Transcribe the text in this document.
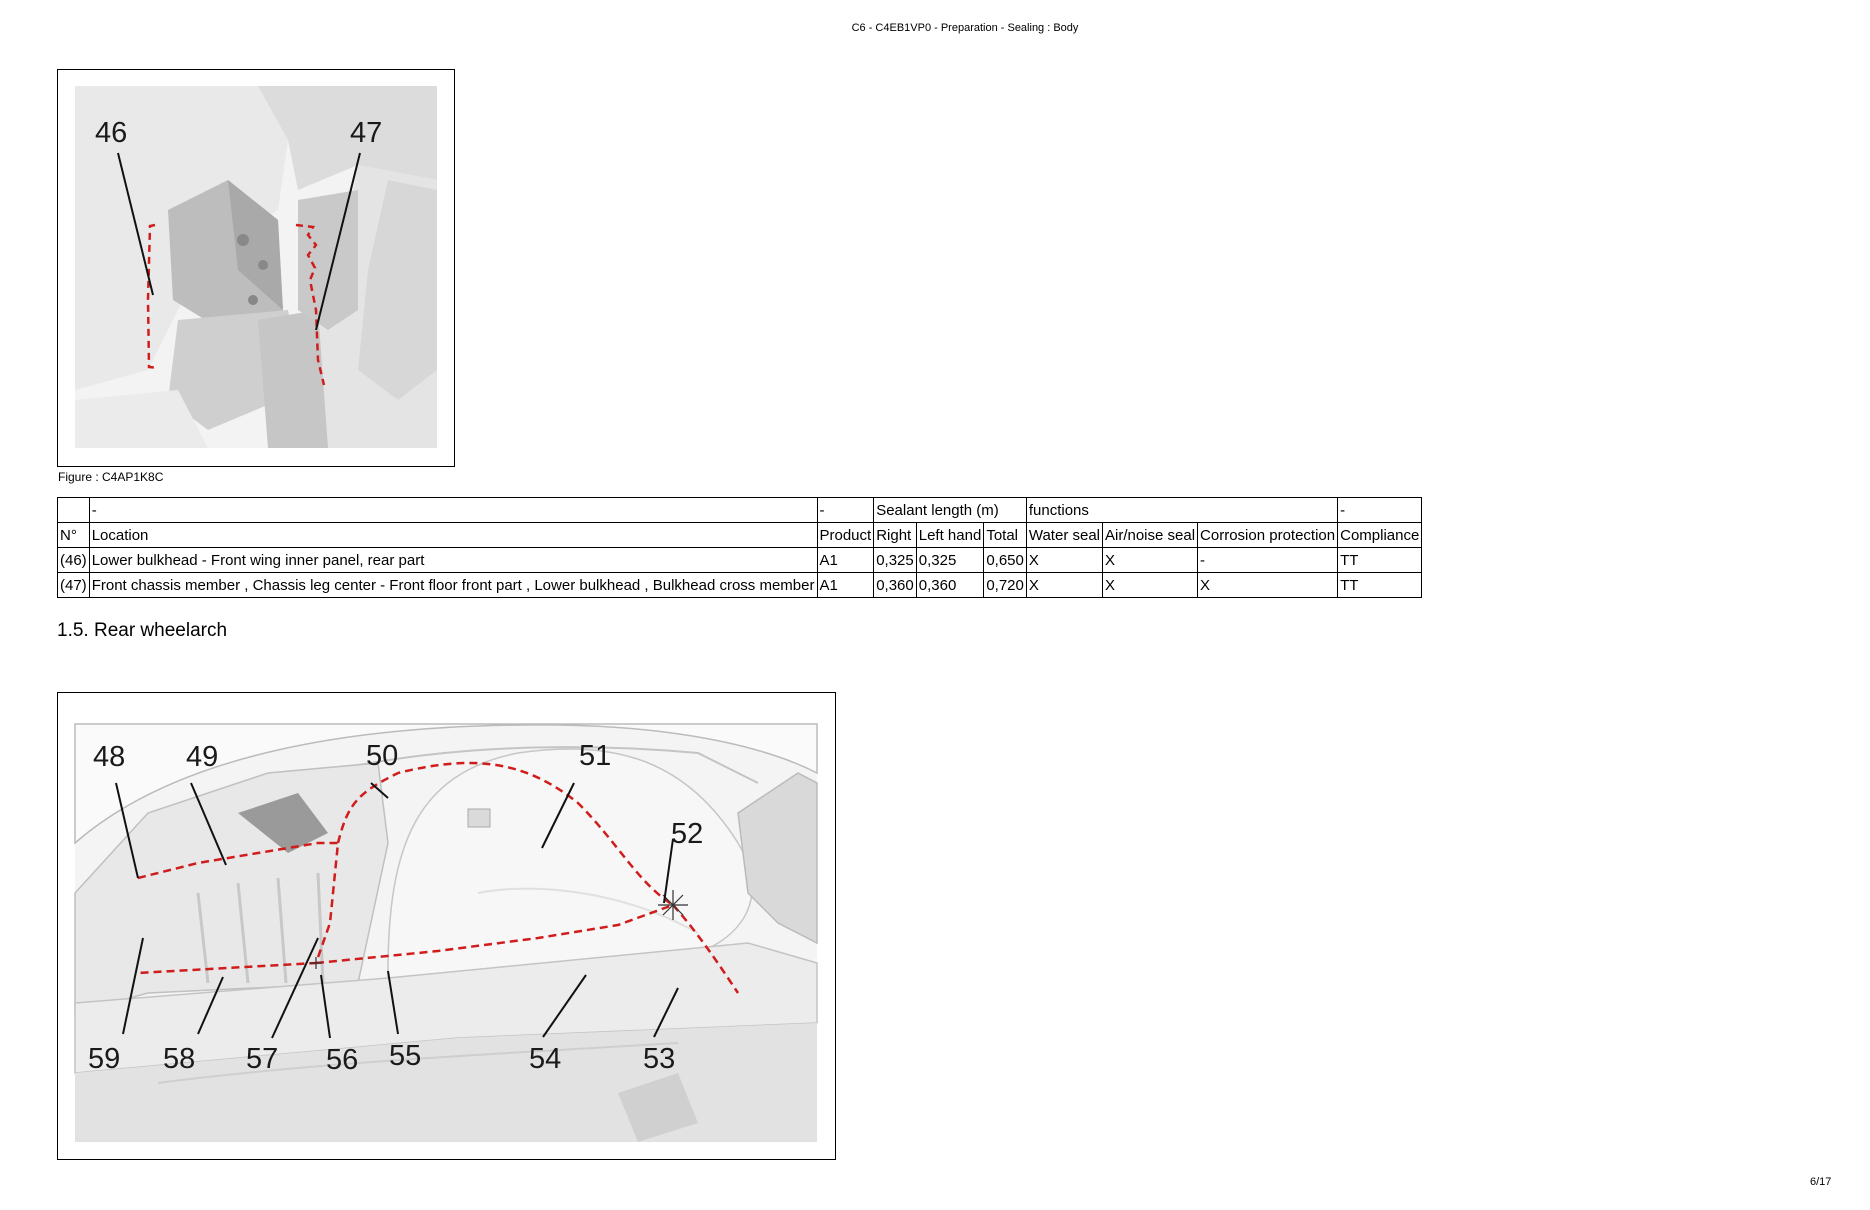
C6 - C4EB1VP0 - Preparation - Sealing : Body
46	47
Figure : C4AP1K8C
	-	-	Sealant length (m)			functions			-
N°	Location	Product	Right	Left hand	Total	Water seal	Air/noise seal	Corrosion protection	Compliance
(46)	Lower bulkhead - Front wing inner panel, rear part	A1	0,325	0,325	0,650	X	X	-	TT
(47)	Front chassis member , Chassis leg center - Front floor front part , Lower bulkhead , Bulkhead cross member	A1	0,360	0,360	0,720	X	X	X	TT
1.5. Rear wheelarch
48 49	50	51
52
53
54
55
56
57
58
59
6/17
